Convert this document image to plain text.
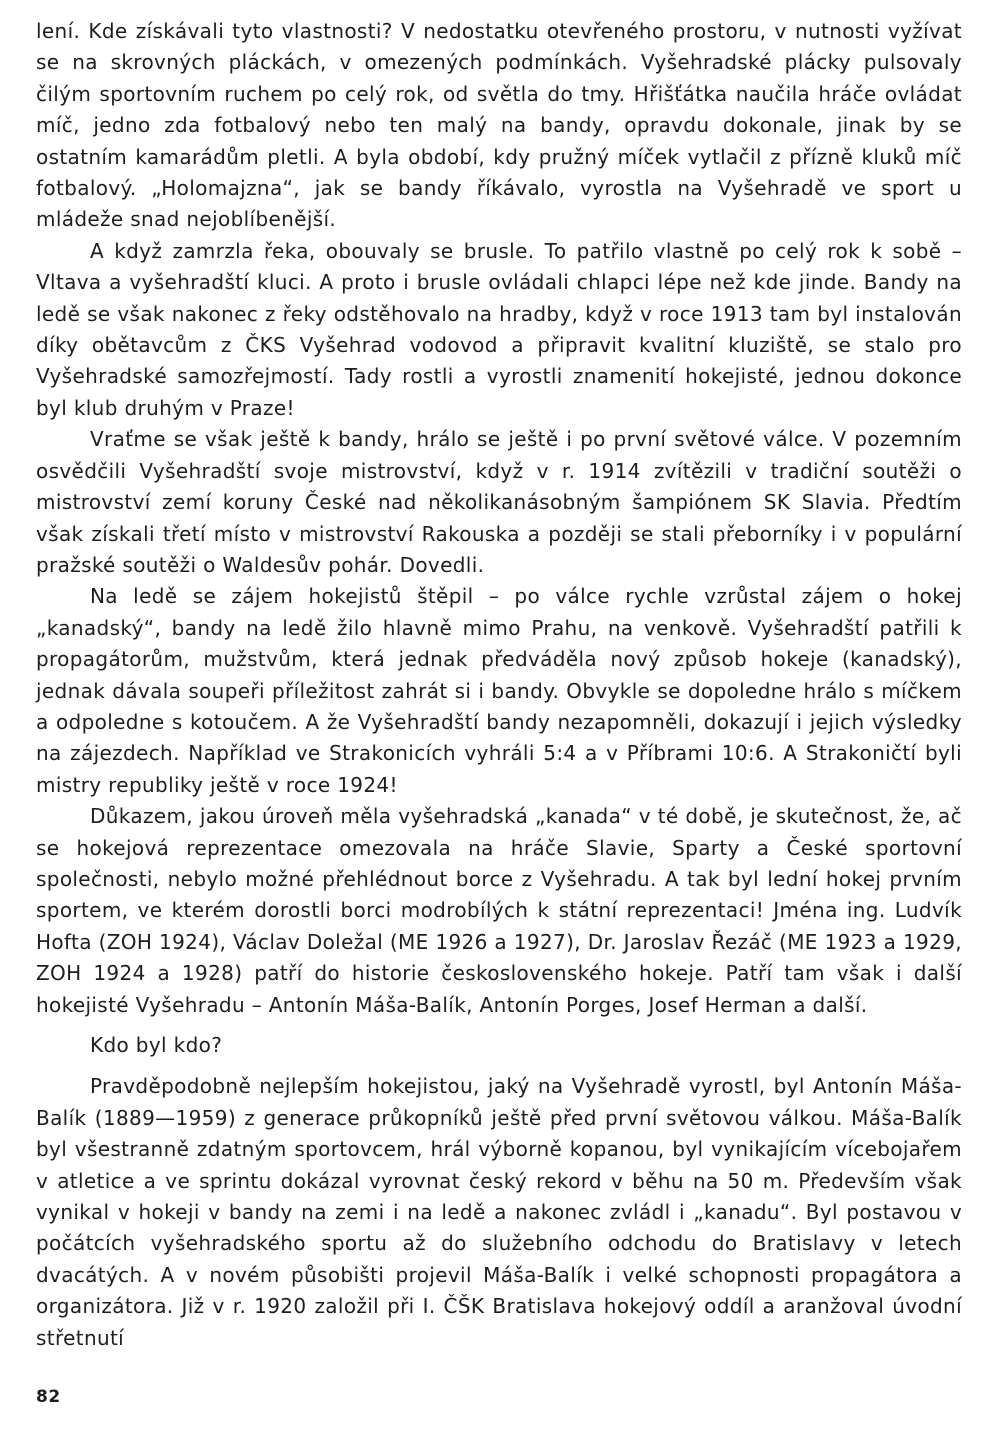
lení. Kde získávali tyto vlastnosti? V nedostatku otevřeného prostoru, v nutnosti vyžívat se na skrovných pláckách, v omezených podmínkách. Vyšehradské plácky pulsovaly čilým sportovním ruchem po celý rok, od světla do tmy. Hřišťátka naučila hráče ovládat míč, jedno zda fotbalový nebo ten malý na bandy, opravdu dokonale, jinak by se ostatním kamarádům pletli. A byla období, kdy pružný míček vytlačil z přízně kluků míč fotbalový. „Holomajzna“, jak se bandy říkávalo, vyrostla na Vyšehradě ve sport u mládeže snad nejoblíbenější.

A když zamrzla řeka, obouvaly se brusle. To patřilo vlastně po celý rok k sobě – Vltava a vyšehradští kluci. A proto i brusle ovládali chlapci lépe než kde jinde. Bandy na ledě se však nakonec z řeky odstěhovalo na hradby, když v roce 1913 tam byl instalován díky obětavcům z ČKS Vyšehrad vodovod a připravit kvalitní kluziště, se stalo pro Vyšehradské samozřejmostí. Tady rostli a vyrostli znamenití hokejisté, jednou dokonce byl klub druhým v Praze!

Vraťme se však ještě k bandy, hrálo se ještě i po první světové válce. V pozemním osvědčili Vyšehradští svoje mistrovství, když v r. 1914 zvítězili v tradiční soutěži o mistrovství zemí koruny České nad několikanásobným šampiónem SK Slavia. Předtím však získali třetí místo v mistrovství Rakouska a později se stali přeborníky i v populární pražské soutěži o Waldesův pohár. Dovedli.

Na ledě se zájem hokejistů štěpil – po válce rychle vzrůstal zájem o hokej „kanadský“, bandy na ledě žilo hlavně mimo Prahu, na venkově. Vyšehradští patřili k propagátorům, mužstvům, která jednak předváděla nový způsob hokeje (kanadský), jednak dávala soupeři příležitost zahrát si i bandy. Obvykle se dopoledne hrálo s míčkem a odpoledne s kotoučem. A že Vyšehradští bandy nezapomněli, dokazují i jejich výsledky na zájezdech. Například ve Strakonicích vyhráli 5:4 a v Příbrami 10:6. A Strakoničtí byli mistry republiky ještě v roce 1924!

Důkazem, jakou úroveň měla vyšehradská „kanada“ v té době, je skutečnost, že, ač se hokejová reprezentace omezovala na hráče Slavie, Sparty a České sportovní společnosti, nebylo možné přehlédnout borce z Vyšehradu. A tak byl lední hokej prvním sportem, ve kterém dorostli borci modrobílých k státní reprezentaci! Jména ing. Ludvík Hofta (ZOH 1924), Václav Doležal (ME 1926 a 1927), Dr. Jaroslav Řezáč (ME 1923 a 1929, ZOH 1924 a 1928) patří do historie československého hokeje. Patří tam však i další hokejisté Vyšehradu – Antonín Máša-Balík, Antonín Porges, Josef Herman a další.

Kdo byl kdo?

Pravděpodobně nejlepším hokejistou, jaký na Vyšehradě vyrostl, byl Antonín Máša-Balík (1889—1959) z generace průkopníků ještě před první světovou válkou. Máša-Balík byl všestranně zdatným sportovcem, hrál výborně kopanou, byl vynikajícím vícebojařem v atletice a ve sprintu dokázal vyrovnat český rekord v běhu na 50 m. Především však vynikal v hokeji v bandy na zemi i na ledě a nakonec zvládl i „kanadu“. Byl postavou v počátcích vyšehradského sportu až do služebního odchodu do Bratislavy v letech dvacátých. A v novém působišti projevil Máša-Balík i velké schopnosti propagátora a organizátora. Již v r. 1920 založil při I. ČŠK Bratislava hokejový oddíl a aranžoval úvodní střetnutí

82
